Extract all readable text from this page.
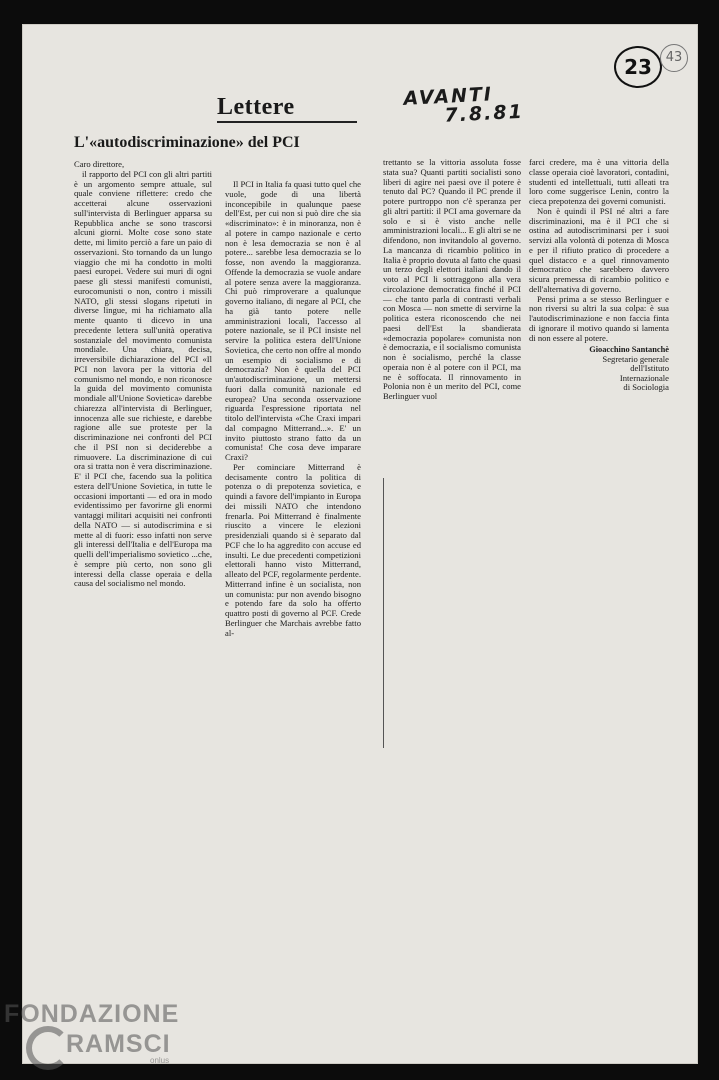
23	43
AVANTI
7.8.81
Lettere
L'«autodiscriminazione» del PCI

Caro direttore,

il rapporto del PCI con gli altri partiti è un argomento sempre attuale, sul quale conviene riflettere: credo che accetterai alcune osservazioni sull'intervista di Berlinguer apparsa su Repubblica anche se sono trascorsi alcuni giorni. Molte cose sono state dette, mi limito perciò a fare un paio di osservazioni. Sto tornando da un lungo viaggio che mi ha condotto in molti paesi europei. Vedere sui muri di ogni paese gli stessi manifesti comunisti, eurocomunisti o non, contro i missili NATO, gli stessi slogans ripetuti in diverse lingue, mi ha richiamato alla mente quanto ti dicevo in una precedente lettera sull'unità operativa sostanziale del movimento comunista mondiale. Una chiara, decisa, irreversibile dichiarazione del PCI «Il PCI non lavora per la vittoria del comunismo nel mondo, e non riconosce la guida del movimento comunista mondiale all'Unione Sovietica» darebbe chiarezza all'intervista di Berlinguer, innocenza alle sue richieste, e darebbe ragione alle sue proteste per la discriminazione nei confronti del PCI che il PSI non si deciderebbe a rimuovere. La discriminazione di cui ora si tratta non è vera discriminazione. E' il PCI che, facendo sua la politica estera dell'Unione Sovietica, in tutte le occasioni importanti — ed ora in modo evidentissimo per favorirne gli enormi vantaggi militari acquisiti nei confronti della NATO — si autodiscrimina e si mette al di fuori: esso infatti non serve gli interessi dell'Italia e dell'Europa ma quelli dell'imperialismo sovietico ...che, è sempre più certo, non sono gli interessi della classe operaia e della causa del socialismo nel mondo.

Il PCI in Italia fa quasi tutto quel che vuole, gode di una libertà inconcepibile in qualunque paese dell'Est, per cui non si può dire che sia «discriminato»: è in minoranza, non è al potere in campo nazionale e certo non è lesa democrazia se non è al potere... sarebbe lesa democrazia se lo fosse, non avendo la maggioranza. Offende la democrazia se vuole andare al potere senza avere la maggioranza. Chi può rimproverare a qualunque governo italiano, di negare al PCI, che ha già tanto potere nelle amministrazioni locali, l'accesso al potere nazionale, se il PCI insiste nel servire la politica estera dell'Unione Sovietica, che certo non offre al mondo un esempio di socialismo e di democrazia? Non è quella del PCI un'autodiscriminazione, un mettersi fuori dalla comunità nazionale ed europea? Una seconda osservazione riguarda l'espressione riportata nel titolo dell'intervista «Che Craxi impari dal compagno Mitterrand...». E' un invito piuttosto strano fatto da un comunista! Che cosa deve imparare Craxi?

Per cominciare Mitterrand è decisamente contro la politica di potenza o di prepotenza sovietica, e quindi a favore dell'impianto in Europa dei missili NATO che intendono frenarla. Poi Mitterrand è finalmente riuscito a vincere le elezioni presidenziali quando si è separato dal PCF che lo ha aggredito con accuse ed insulti. Le due precedenti competizioni elettorali hanno visto Mitterrand, alleato del PCF, regolarmente perdente. Mitterrand infine è un socialista, non un comunista: pur non avendo bisogno e potendo fare da solo ha offerto quattro posti di governo al PCF. Crede Berlinguer che Marchais avrebbe fatto al-

trettanto se la vittoria assoluta fosse stata sua? Quanti partiti socialisti sono liberi di agire nei paesi ove il potere è tenuto dal PC? Quando il PC prende il potere purtroppo non c'è speranza per gli altri partiti: il PCI ama governare da solo e si è visto anche nelle amministrazioni locali... E gli altri se ne difendono, non invitandolo al governo. La mancanza di ricambio politico in Italia è proprio dovuta al fatto che quasi un terzo degli elettori italiani dando il voto al PCI li sottraggono alla vera circolazione democratica finché il PCI — che tanto parla di contrasti verbali con Mosca — non smette di servirne la politica estera riconoscendo che nei paesi dell'Est la sbandierata «democrazia popolare» comunista non è democrazia, e il socialismo comunista non è socialismo, perché la classe operaia non è al potere con il PCI, ma ne è soffocata. Il rinnovamento in Polonia non è un merito del PCI, come Berlinguer vuol

farci credere, ma è una vittoria della classe operaia cioè lavoratori, contadini, studenti ed intellettuali, tutti alleati tra loro come suggerisce Lenin, contro la cieca prepotenza dei governi comunisti.

Non è quindi il PSI né altri a fare discriminazioni, ma è il PCI che si ostina ad autodiscriminarsi per i suoi servizi alla volontà di potenza di Mosca e per il rifiuto pratico di procedere a quel distacco e a quel rinnovamento democratico che sarebbero davvero sicura premessa di ricambio politico e dell'alternativa di governo.

Pensi prima a se stesso Berlinguer e non riversi su altri la sua colpa: è sua l'autodiscriminazione e non faccia finta di ignorare il motivo quando si lamenta di non essere al potere.

Gioacchino Santanchè
Segretario generale
dell'Istituto
Internazionale
di Sociologia
FONDAZIONE
RAMSCI
onlus
